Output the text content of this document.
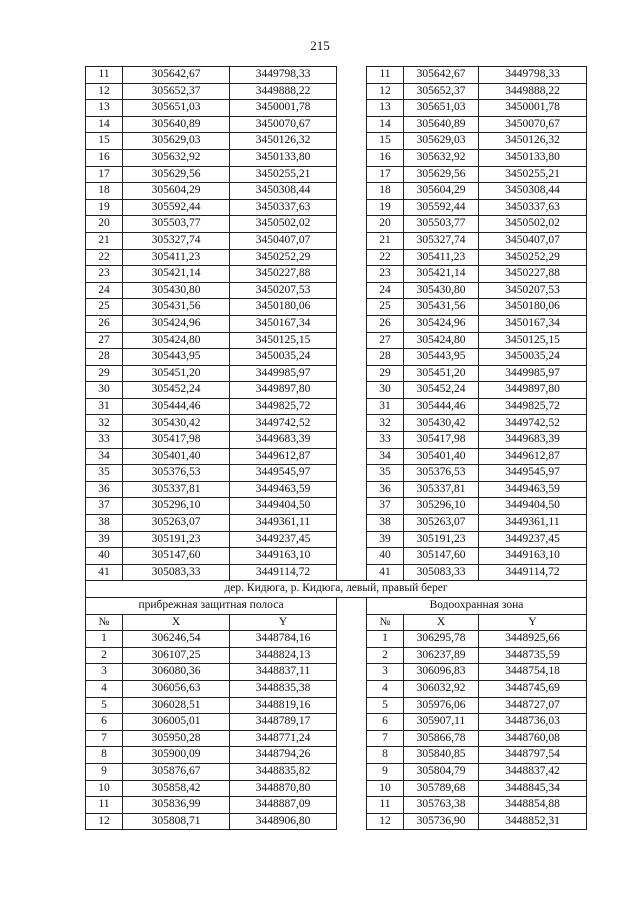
215
11	305642,67	3449798,33		11	305642,67	3449798,33
12	305652,37	3449888,22		12	305652,37	3449888,22
13	305651,03	3450001,78		13	305651,03	3450001,78
14	305640,89	3450070,67		14	305640,89	3450070,67
15	305629,03	3450126,32		15	305629,03	3450126,32
16	305632,92	3450133,80		16	305632,92	3450133,80
17	305629,56	3450255,21		17	305629,56	3450255,21
18	305604,29	3450308,44		18	305604,29	3450308,44
19	305592,44	3450337,63		19	305592,44	3450337,63
20	305503,77	3450502,02		20	305503,77	3450502,02
21	305327,74	3450407,07		21	305327,74	3450407,07
22	305411,23	3450252,29		22	305411,23	3450252,29
23	305421,14	3450227,88		23	305421,14	3450227,88
24	305430,80	3450207,53		24	305430,80	3450207,53
25	305431,56	3450180,06		25	305431,56	3450180,06
26	305424,96	3450167,34		26	305424,96	3450167,34
27	305424,80	3450125,15		27	305424,80	3450125,15
28	305443,95	3450035,24		28	305443,95	3450035,24
29	305451,20	3449985,97		29	305451,20	3449985,97
30	305452,24	3449897,80		30	305452,24	3449897,80
31	305444,46	3449825,72		31	305444,46	3449825,72
32	305430,42	3449742,52		32	305430,42	3449742,52
33	305417,98	3449683,39		33	305417,98	3449683,39
34	305401,40	3449612,87		34	305401,40	3449612,87
35	305376,53	3449545,97		35	305376,53	3449545,97
36	305337,81	3449463,59		36	305337,81	3449463,59
37	305296,10	3449404,50		37	305296,10	3449404,50
38	305263,07	3449361,11		38	305263,07	3449361,11
39	305191,23	3449237,45		39	305191,23	3449237,45
40	305147,60	3449163,10		40	305147,60	3449163,10
41	305083,33	3449114,72		41	305083,33	3449114,72
дер. Кидюга, р. Кидюга, левый, правый берег						
прибрежная защитная полоса				Водоохранная зона		
№	X	Y		№	X	Y
1	306246,54	3448784,16		1	306295,78	3448925,66
2	306107,25	3448824,13		2	306237,89	3448735,59
3	306080,36	3448837,11		3	306096,83	3448754,18
4	306056,63	3448835,38		4	306032,92	3448745,69
5	306028,51	3448819,16		5	305976,06	3448727,07
6	306005,01	3448789,17		6	305907,11	3448736,03
7	305950,28	3448771,24		7	305866,78	3448760,08
8	305900,09	3448794,26		8	305840,85	3448797,54
9	305876,67	3448835,82		9	305804,79	3448837,42
10	305858,42	3448870,80		10	305789,68	3448845,34
11	305836,99	3448887,09		11	305763,38	3448854,88
12	305808,71	3448906,80		12	305736,90	3448852,31
